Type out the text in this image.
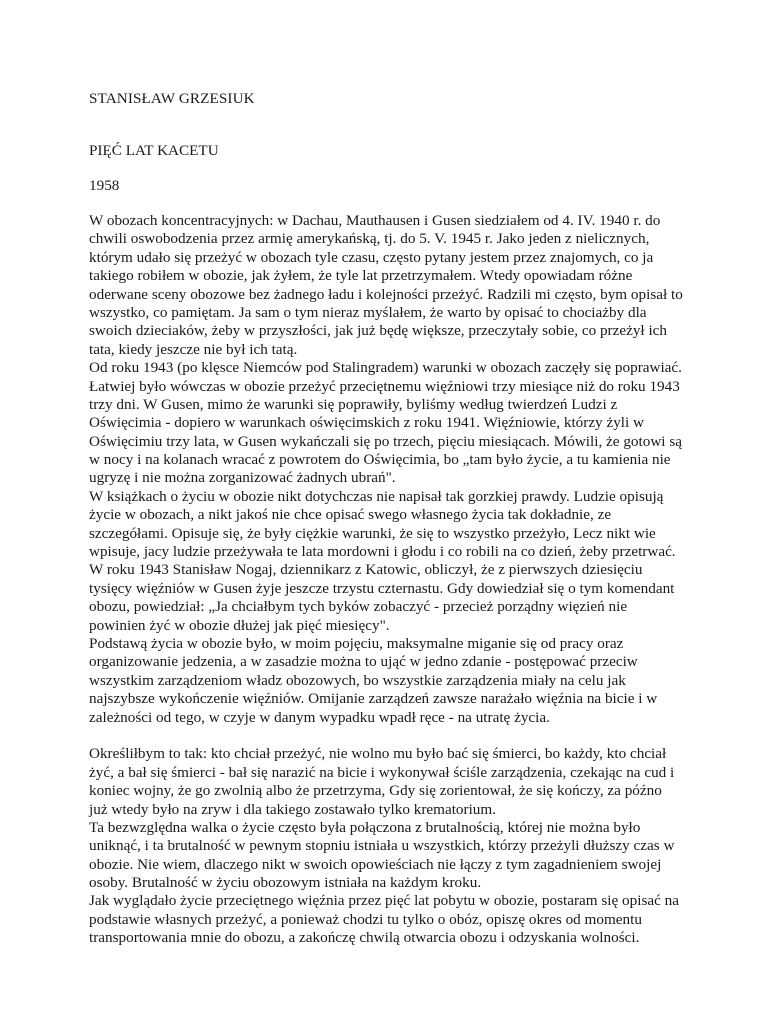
STANISŁAW GRZESIUK
PIĘĆ LAT KACETU
1958
W obozach koncentracyjnych: w Dachau, Mauthausen i Gusen siedziałem od 4. IV. 1940 r. do
chwili oswobodzenia przez armię amerykańską, tj. do 5. V. 1945 r. Jako jeden z nielicznych,
którym udało się przeżyć w obozach tyle czasu, często pytany jestem przez znajomych, co ja
takiego robiłem w obozie, jak żyłem, że tyle lat przetrzymałem. Wtedy opowiadam różne
oderwane sceny obozowe bez żadnego ładu i kolejności przeżyć. Radzili mi często, bym opisał to
wszystko, co pamiętam. Ja sam o tym nieraz myślałem, że warto by opisać to chociażby dla
swoich dzieciaków, żeby w przyszłości, jak już będę większe, przeczytały sobie, co przeżył ich
tata, kiedy jeszcze nie był ich tatą.
Od roku 1943 (po klęsce Niemców pod Stalingradem) warunki w obozach zaczęły się poprawiać.
Łatwiej było wówczas w obozie przeżyć przeciętnemu więźniowi trzy miesiące niż do roku 1943
trzy dni. W Gusen, mimo że warunki się poprawiły, byliśmy według twierdzeń Ludzi z
Oświęcimia - dopiero w warunkach oświęcimskich z roku 1941. Więźniowie, którzy żyli w
Oświęcimiu trzy lata, w Gusen wykańczali się po trzech, pięciu miesiącach. Mówili, że gotowi są
w nocy i na kolanach wracać z powrotem do Oświęcimia, bo „tam było życie, a tu kamienia nie
ugryzę i nie można zorganizować żadnych ubrań".
W książkach o życiu w obozie nikt dotychczas nie napisał tak gorzkiej prawdy. Ludzie opisują
życie w obozach, a nikt jakoś nie chce opisać swego własnego życia tak dokładnie, ze
szczegółami. Opisuje się, że były ciężkie warunki, że się to wszystko przeżyło, Lecz nikt wie
wpisuje, jacy ludzie przeżywała te lata mordowni i głodu i co robili na co dzień, żeby przetrwać.
W roku 1943 Stanisław Nogaj, dziennikarz z Katowic, obliczył, że z pierwszych dziesięciu
tysięcy więźniów w Gusen żyje jeszcze trzystu czternastu. Gdy dowiedział się o tym komendant
obozu, powiedział: „Ja chciałbym tych byków zobaczyć - przecież porządny więzień nie
powinien żyć w obozie dłużej jak pięć miesięcy".
Podstawą życia w obozie było, w moim pojęciu, maksymalne miganie się od pracy oraz
organizowanie jedzenia, a w zasadzie można to ująć w jedno zdanie - postępować przeciw
wszystkim zarządzeniom władz obozowych, bo wszystkie zarządzenia miały na celu jak
najszybsze wykończenie więźniów. Omijanie zarządzeń zawsze narażało więźnia na bicie i w
zależności od tego, w czyje w danym wypadku wpadł ręce - na utratę życia.
Określiłbym to tak: kto chciał przeżyć, nie wolno mu było bać się śmierci, bo każdy, kto chciał
żyć, a bał się śmierci - bał się narazić na bicie i wykonywał ściśle zarządzenia, czekając na cud i
koniec wojny, że go zwolnią albo że przetrzyma, Gdy się zorientował, że się kończy, za późno
już wtedy było na zryw i dla takiego zostawało tylko krematorium.
Ta bezwzględna walka o życie często była połączona z brutalnością, której nie można było
uniknąć, i ta brutalność w pewnym stopniu istniała u wszystkich, którzy przeżyli dłuższy czas w
obozie. Nie wiem, dlaczego nikt w swoich opowieściach nie łączy z tym zagadnieniem swojej
osoby. Brutalność w życiu obozowym istniała na każdym kroku.
Jak wyglądało życie przeciętnego więźnia przez pięć lat pobytu w obozie, postaram się opisać na
podstawie własnych przeżyć, a ponieważ chodzi tu tylko o obóz, opiszę okres od momentu
transportowania mnie do obozu, a zakończę chwilą otwarcia obozu i odzyskania wolności.
